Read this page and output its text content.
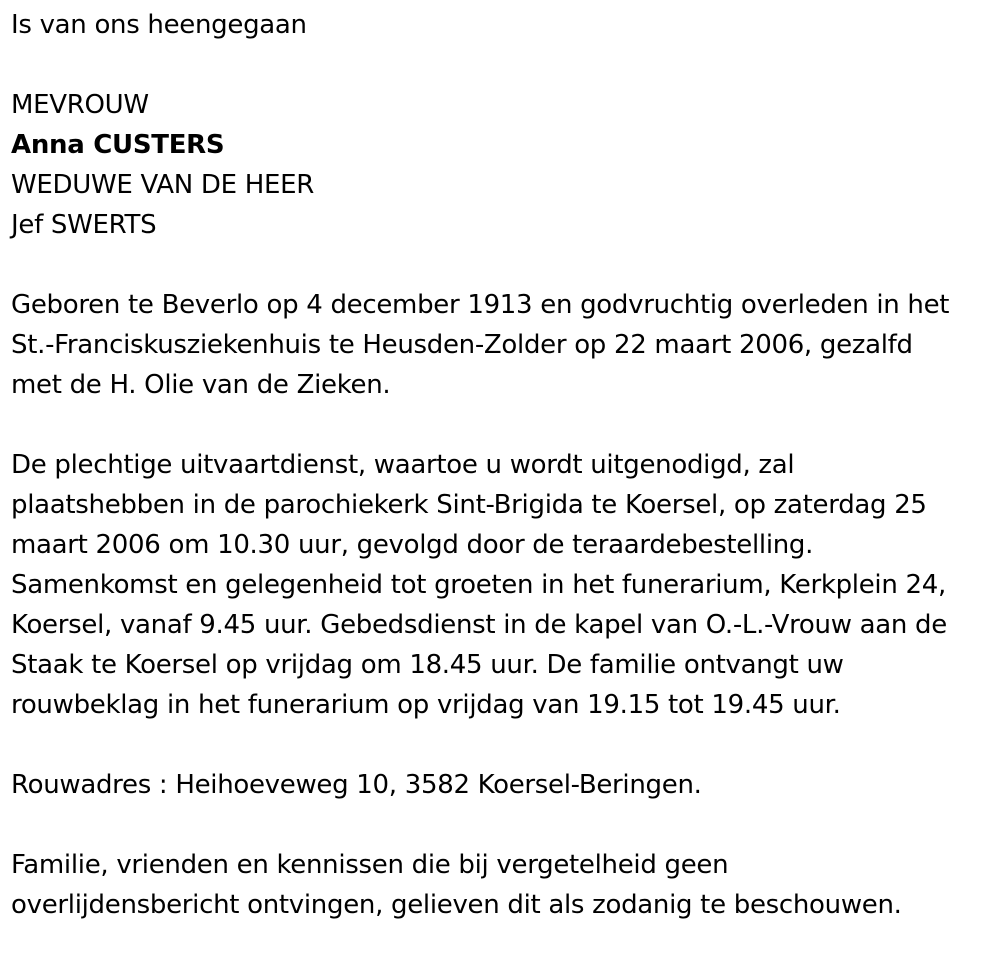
Is van ons heengegaan
MEVROUW
Anna CUSTERS
WEDUWE VAN DE HEER
Jef SWERTS
Geboren te Beverlo op 4 december 1913 en godvruchtig overleden in het
St.-Franciskusziekenhuis te Heusden-Zolder op 22 maart 2006, gezalfd
met de H. Olie van de Zieken.
De plechtige uitvaartdienst, waartoe u wordt uitgenodigd, zal
plaatshebben in de parochiekerk Sint-Brigida te Koersel, op zaterdag 25
maart 2006 om 10.30 uur, gevolgd door de teraardebestelling.
Samenkomst en gelegenheid tot groeten in het funerarium, Kerkplein 24,
Koersel, vanaf 9.45 uur. Gebedsdienst in de kapel van O.-L.-Vrouw aan de
Staak te Koersel op vrijdag om 18.45 uur. De familie ontvangt uw
rouwbeklag in het funerarium op vrijdag van 19.15 tot 19.45 uur.
Rouwadres : Heihoeveweg 10, 3582 Koersel-Beringen.
Familie, vrienden en kennissen die bij vergetelheid geen
overlijdensbericht ontvingen, gelieven dit als zodanig te beschouwen.
